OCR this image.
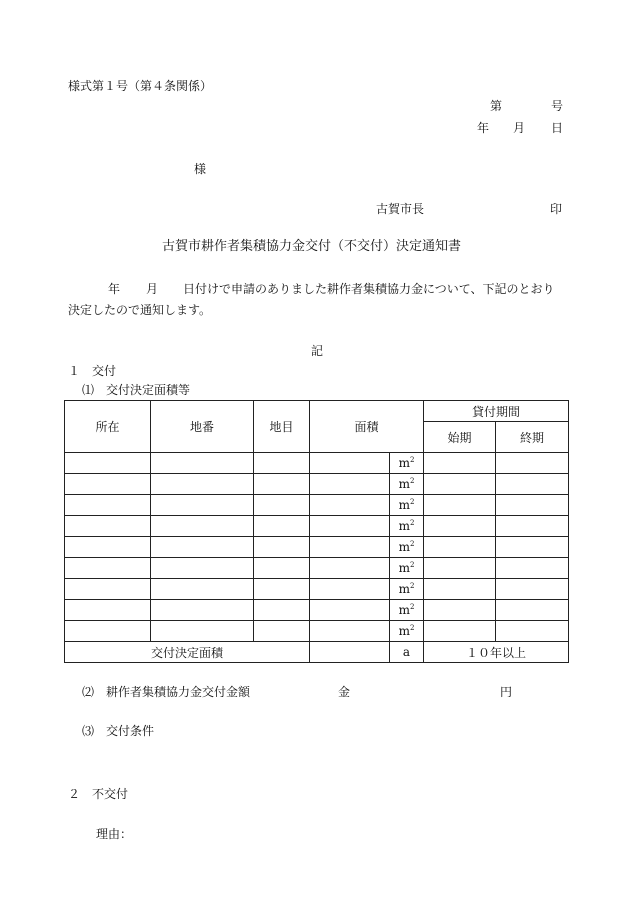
様式第１号（第４条関係）
第	号
年 月 日
様
古賀市長	印
古賀市耕作者集積協力金交付（不交付）決定通知書
年 月 日付けで申請のありました耕作者集積協力金について、下記のとおり
決定したので通知します。
記
１　交付
⑴　交付決定面積等
所在	地番	地目	面積		貸付期間	
					始期	終期
				$m^2$		
				$m^2$		
				$m^2$		
				$m^2$		
				$m^2$		
				$m^2$		
				$m^2$		
				$m^2$		
				$m^2$		
交付決定面積				a	１０年以上	
⑵　耕作者集積協力金交付金額	金	円
⑶　交付条件
２　不交付
理由：
